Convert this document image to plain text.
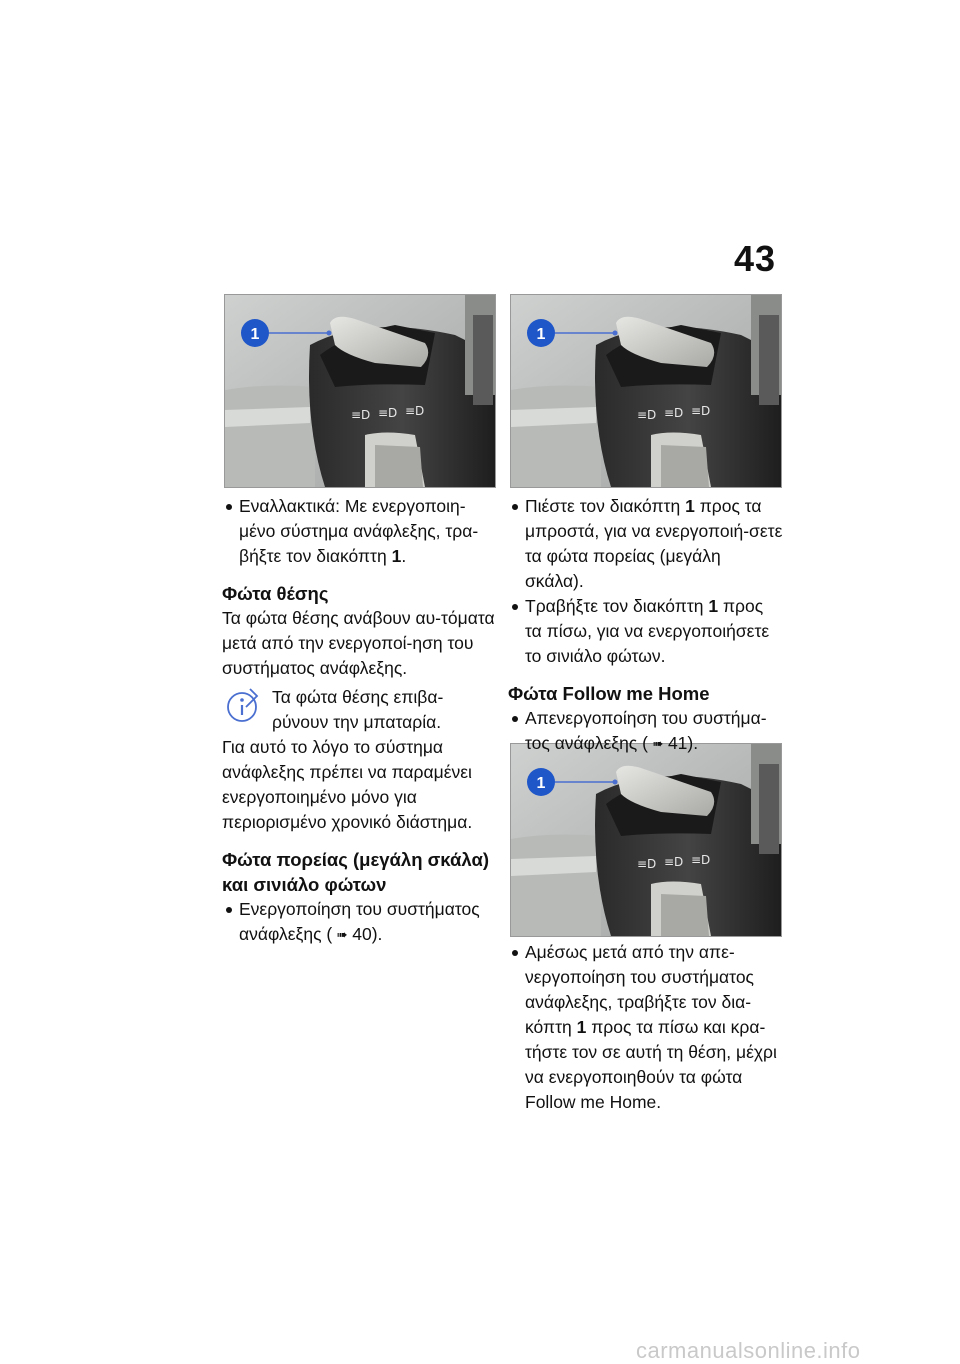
43
≡D ≡D ≡D
1
≡D ≡D ≡D
1
≡D ≡D ≡D
1

Εναλλακτικά: Με ενεργοποιη-μένο σύστημα ανάφλεξης, τρα-βήξτε τον διακόπτη 1.

Φώτα θέσης

Τα φώτα θέσης ανάβουν αυ-τόματα μετά από την ενεργοποί-ηση του συστήματος ανάφλεξης.

Τα φώτα θέσης επιβα-ρύνουν την μπαταρία.

Για αυτό το λόγο το σύστημα ανάφλεξης πρέπει να παραμένει ενεργοποιημένο μόνο για περιορισμένο χρονικό διάστημα.

Φώτα πορείας (μεγάλη σκάλα) και σινιάλο φώτων

Ενεργοποίηση του συστήματος ανάφλεξης ( ➠ 40).

Πιέστε τον διακόπτη 1 προς τα μπροστά, για να ενεργοποιή-σετε τα φώτα πορείας (μεγάλη σκάλα).

Τραβήξτε τον διακόπτη 1 προς τα πίσω, για να ενεργοποιήσετε το σινιάλο φώτων.

Φώτα Follow me Home

Απενεργοποίηση του συστήμα-τος ανάφλεξης ( ➠ 41).

Αμέσως μετά από την απε-νεργοποίηση του συστήματος ανάφλεξης, τραβήξτε τον δια-κόπτη 1 προς τα πίσω και κρα-τήστε τον σε αυτή τη θέση, μέχρι να ενεργοποιηθούν τα φώτα Follow me Home.

carmanualsonline.info
